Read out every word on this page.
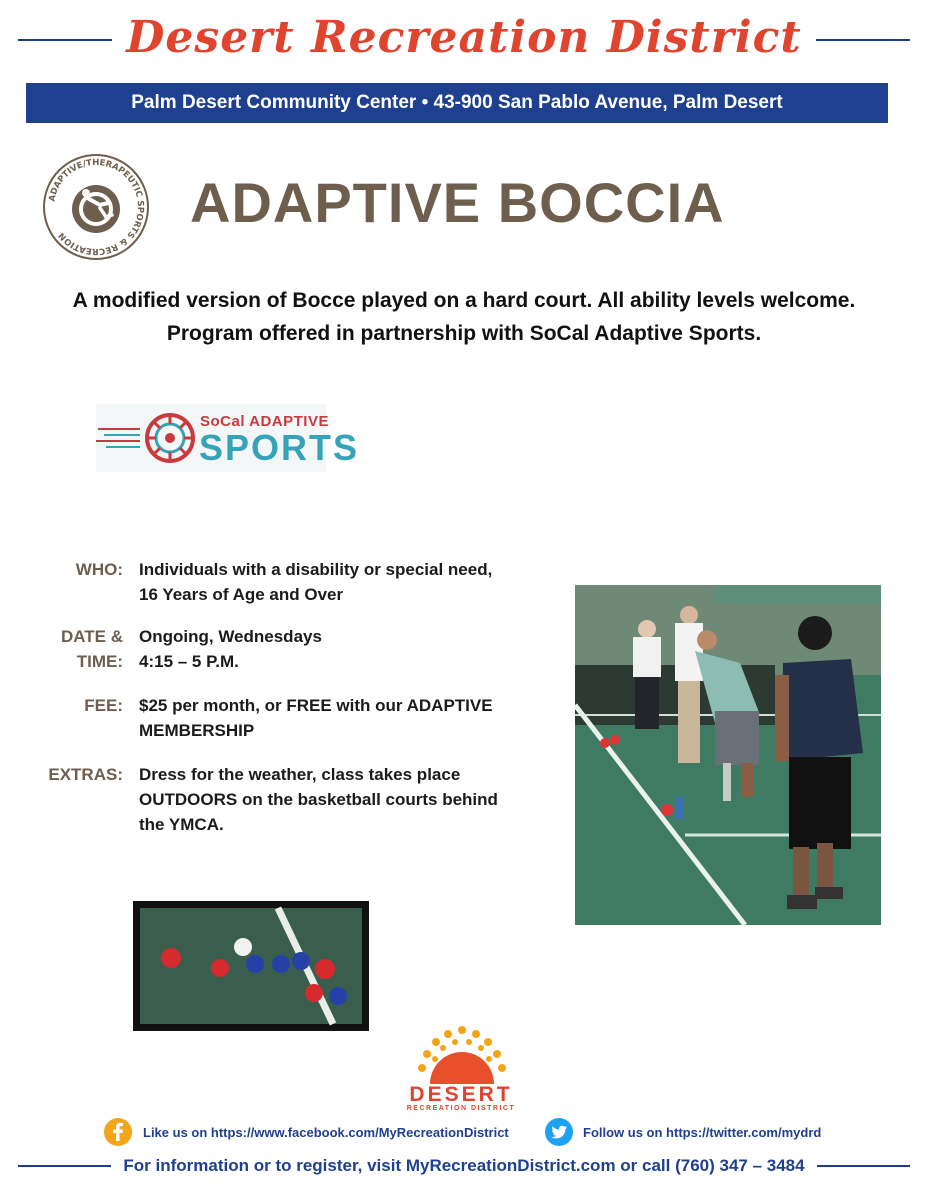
Desert Recreation District
Palm Desert Community Center • 43-900 San Pablo Avenue, Palm Desert
ADAPTIVE/THERAPEUTIC SPORTS & RECREATION
ADAPTIVE BOCCIA
A modified version of Bocce played on a hard court. All ability levels welcome. Program offered in partnership with SoCal Adaptive Sports.
SoCal ADAPTIVE
SPORTS
WHO: Individuals with a disability or special need,
16 Years of Age and Over
DATE &
TIME:
Ongoing, Wednesdays
4:15 – 5 P.M.
FEE: $25 per month, or FREE with our ADAPTIVE
MEMBERSHIP
EXTRAS: Dress for the weather, class takes place
OUTDOORS on the basketball courts behind
the YMCA.
DESERT
RECREATION DISTRICT
Like us on https://www.facebook.com/MyRecreationDistrict	Follow us on https://twitter.com/mydrd
For information or to register, visit MyRecreationDistrict.com or call (760) 347 – 3484
